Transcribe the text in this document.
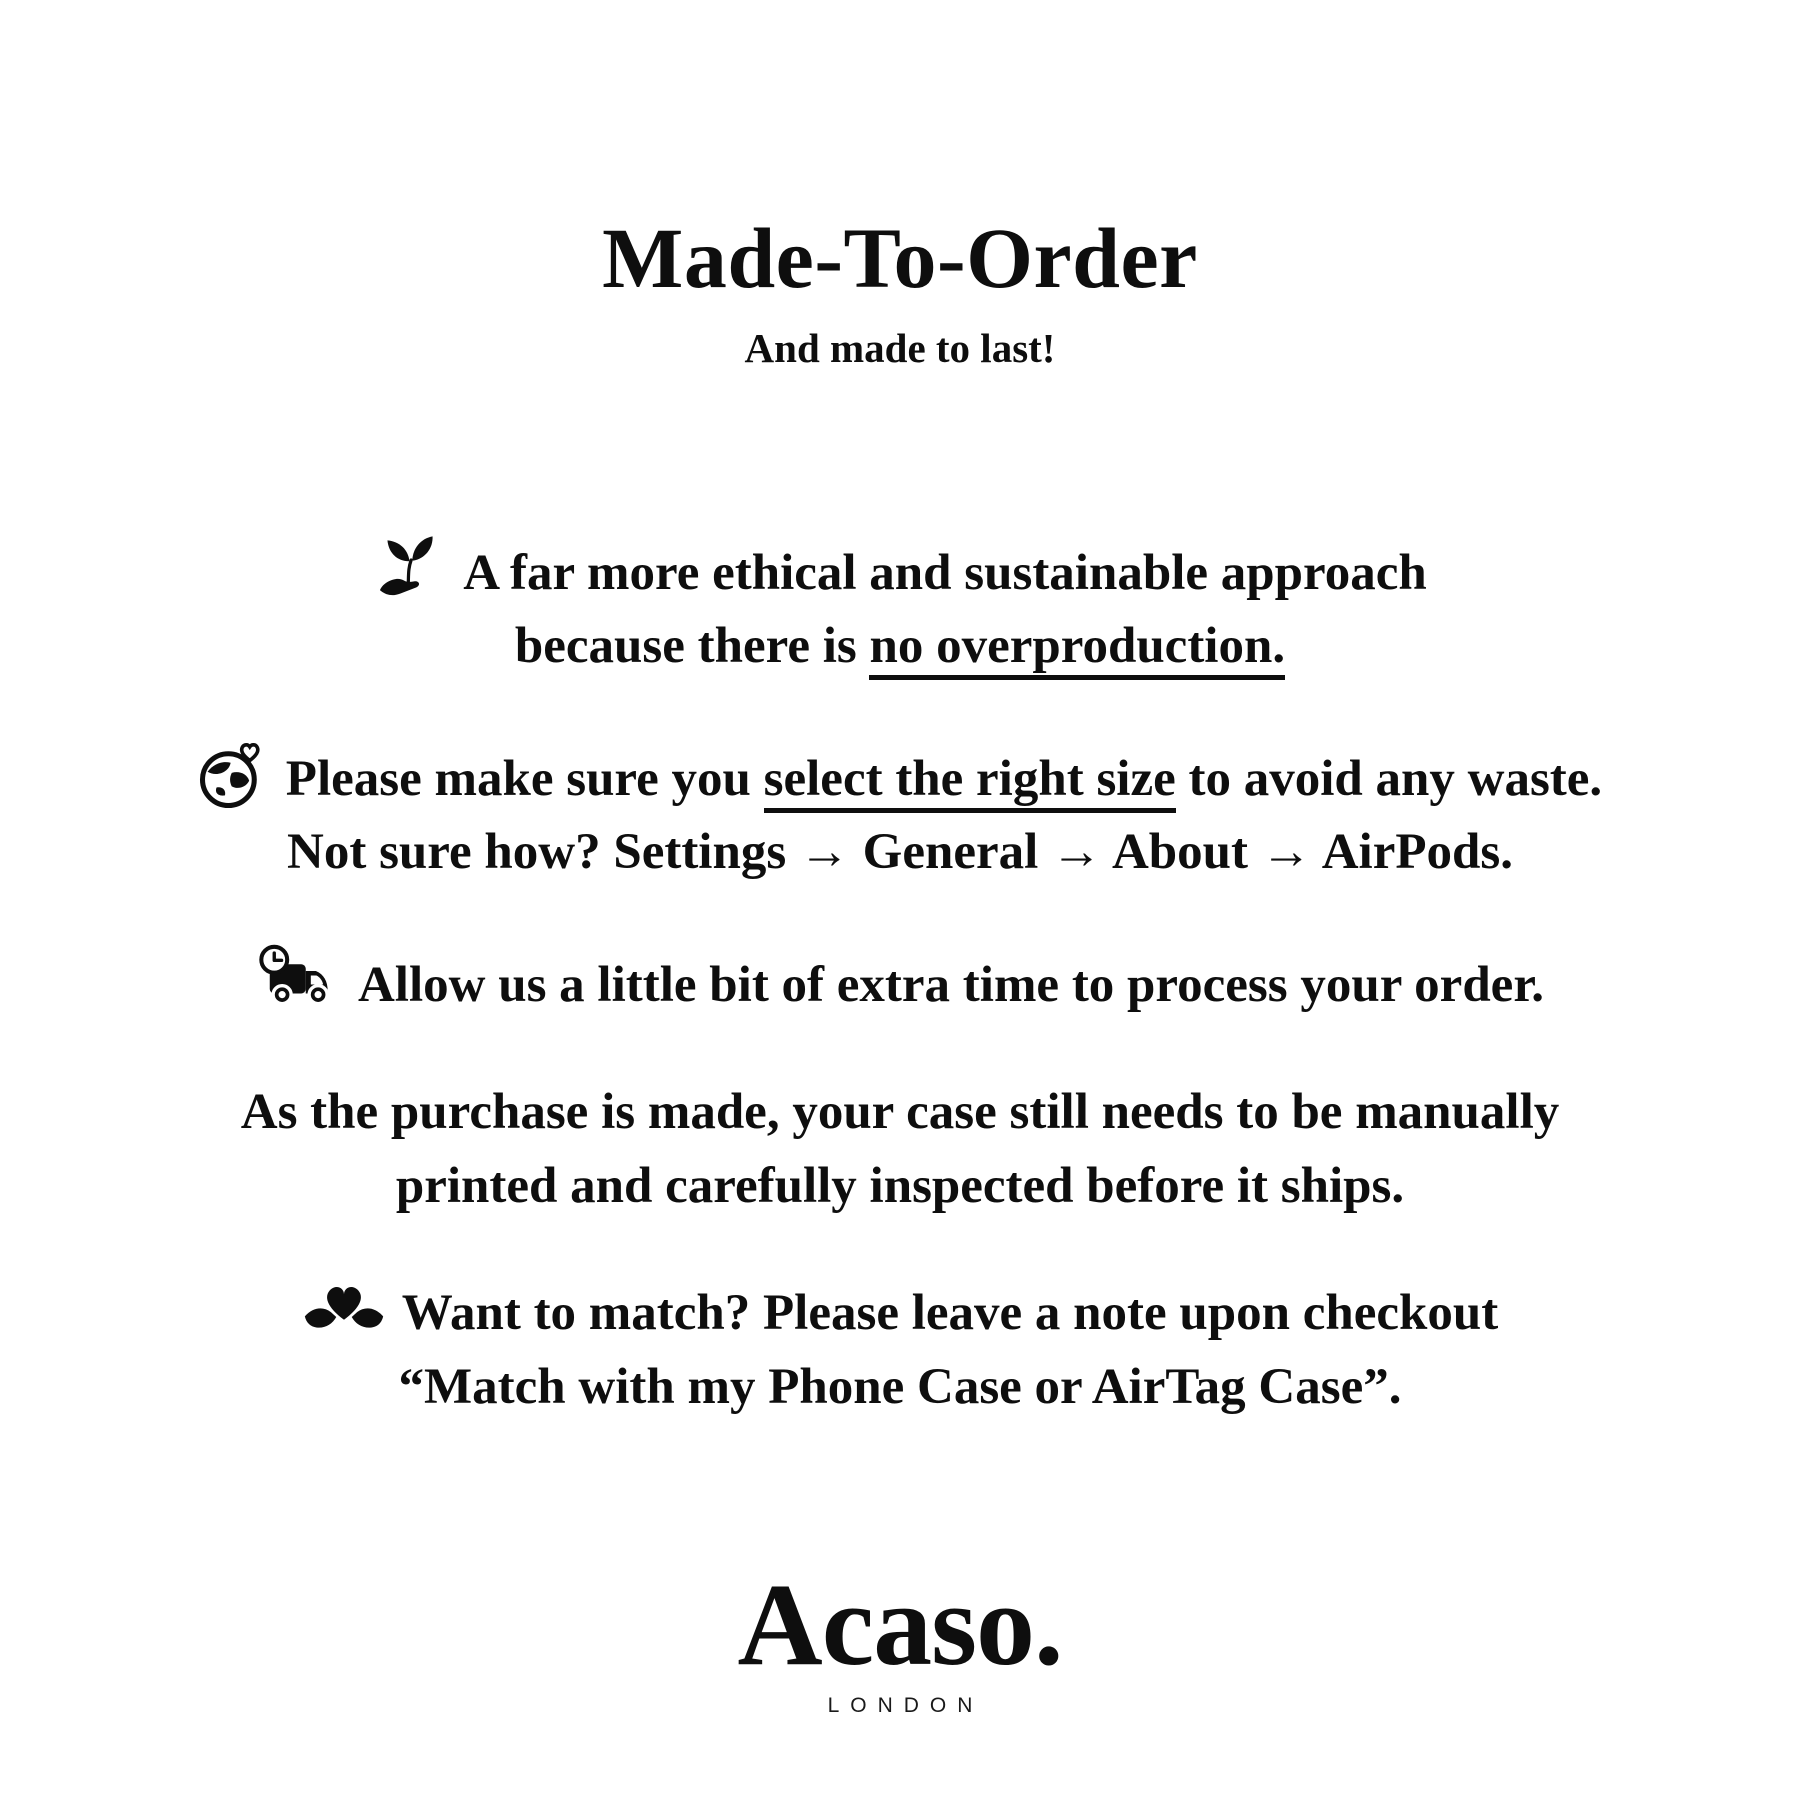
Made-To-Order

And made to last!

A far more ethical and sustainable approach
because there is no overproduction.

Please make sure you select the right size to avoid any waste.
Not sure how? Settings → General → About → AirPods.

Allow us a little bit of extra time to process your order.

As the purchase is made, your case still needs to be manually
printed and carefully inspected before it ships.

Want to match? Please leave a note upon checkout
“Match with my Phone Case or AirTag Case”.

Acaso.
LONDON
